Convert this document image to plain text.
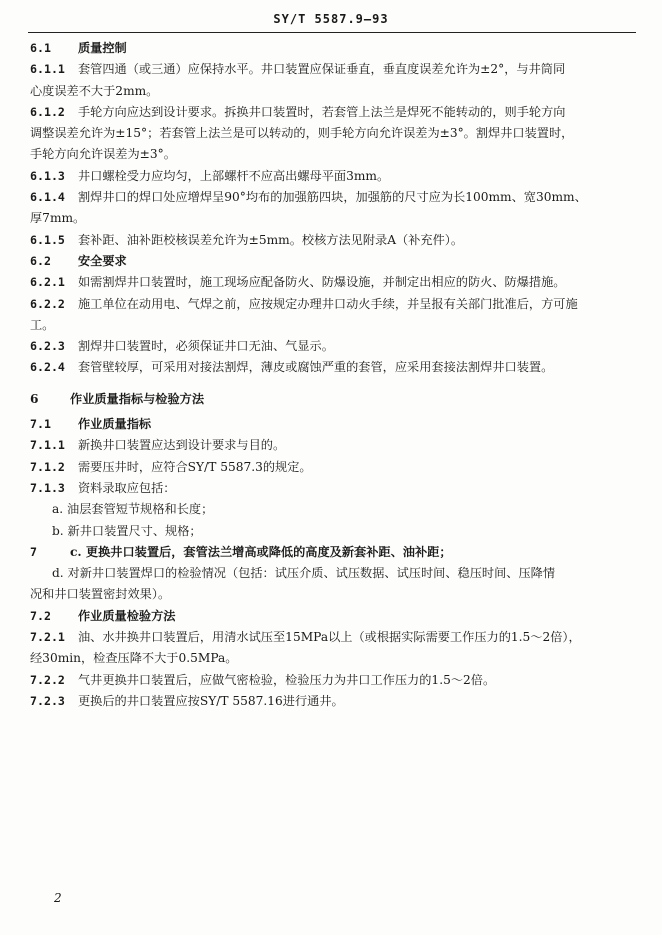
SY/T 5587.9—93
6.1 质量控制
6.1.1 套管四通（或三通）应保持水平。井口装置应保证垂直，垂直度误差允许为±2°，与井筒同
心度误差不大于2mm。
6.1.2 手轮方向应达到设计要求。拆换井口装置时，若套管上法兰是焊死不能转动的，则手轮方向
调整误差允许为±15°；若套管上法兰是可以转动的，则手轮方向允许误差为±3°。割焊井口装置时，
手轮方向允许误差为±3°。
6.1.3 井口螺栓受力应均匀，上部螺杆不应高出螺母平面3mm。
6.1.4 割焊井口的焊口处应增焊呈90°均布的加强筋四块，加强筋的尺寸应为长100mm、宽30mm、
厚7mm。
6.1.5 套补距、油补距校核误差允许为±5mm。校核方法见附录A（补充件）。
6.2 安全要求
6.2.1 如需割焊井口装置时，施工现场应配备防火、防爆设施，并制定出相应的防火、防爆措施。
6.2.2 施工单位在动用电、气焊之前，应按规定办理井口动火手续，并呈报有关部门批准后，方可施
工。
6.2.3 割焊井口装置时，必须保证井口无油、气显示。
6.2.4 套管壁较厚，可采用对接法割焊，薄皮或腐蚀严重的套管，应采用套接法割焊井口装置。
6	作业质量指标与检验方法
7.1 作业质量指标
7.1.1 新换井口装置应达到设计要求与目的。
7.1.2 需要压井时，应符合SY/T 5587.3的规定。
7.1.3 资料录取应包括：
a. 油层套管短节规格和长度；
b. 新井口装置尺寸、规格；
7	c. 更换井口装置后，套管法兰增高或降低的高度及新套补距、油补距；
d. 对新井口装置焊口的检验情况（包括：试压介质、试压数据、试压时间、稳压时间、压降情
况和井口装置密封效果）。
7.2 作业质量检验方法
7.2.1 油、水井换井口装置后，用清水试压至15MPa以上（或根据实际需要工作压力的1.5～2倍），
经30min，检查压降不大于0.5MPa。
7.2.2 气井更换井口装置后，应做气密检验，检验压力为井口工作压力的1.5～2倍。
7.2.3 更换后的井口装置应按SY/T 5587.16进行通井。
2
